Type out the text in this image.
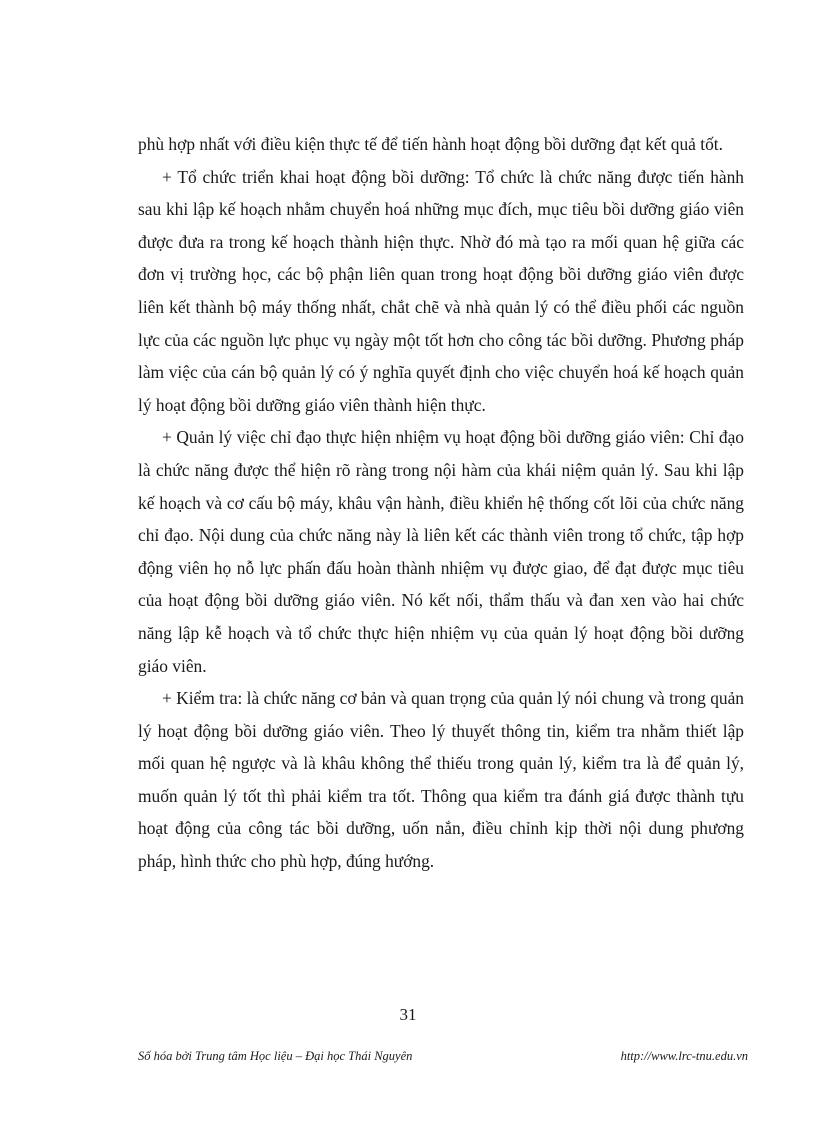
phù hợp nhất với điều kiện thực tế để tiến hành hoạt động bồi dưỡng đạt kết quả tốt.

+ Tổ chức triển khai hoạt động bồi dưỡng: Tổ chức là chức năng được tiến hành sau khi lập kế hoạch nhằm chuyển hoá những mục đích, mục tiêu bồi dưỡng giáo viên được đưa ra trong kế hoạch thành hiện thực. Nhờ đó mà tạo ra mối quan hệ giữa các đơn vị trường học, các bộ phận liên quan trong hoạt động bồi dưỡng giáo viên được liên kết thành bộ máy thống nhất, chắt chẽ và nhà quản lý có thể điều phối các nguồn lực của các nguồn lực phục vụ ngày một tốt hơn cho công tác bồi dưỡng. Phương pháp làm việc của cán bộ quản lý có ý nghĩa quyết định cho việc chuyển hoá kế hoạch quản lý hoạt động bồi dưỡng giáo viên thành hiện thực.

+ Quản lý việc chỉ đạo thực hiện nhiệm vụ hoạt động bồi dưỡng giáo viên: Chỉ đạo là chức năng được thể hiện rõ ràng trong nội hàm của khái niệm quản lý. Sau khi lập kế hoạch và cơ cấu bộ máy, khâu vận hành, điều khiển hệ thống cốt lõi của chức năng chỉ đạo. Nội dung của chức năng này là liên kết các thành viên trong tổ chức, tập hợp động viên họ nỗ lực phấn đấu hoàn thành nhiệm vụ được giao, để đạt được mục tiêu của hoạt động bồi dưỡng giáo viên. Nó kết nối, thẩm thấu và đan xen vào hai chức năng lập kễ hoạch và tổ chức thực hiện nhiệm vụ của quản lý hoạt động bồi dưỡng giáo viên.

+ Kiểm tra: là chức năng cơ bản và quan trọng của quản lý nói chung và trong quản lý hoạt động bồi dưỡng giáo viên. Theo lý thuyết thông tin, kiểm tra nhằm thiết lập mối quan hệ ngược và là khâu không thể thiếu trong quản lý, kiểm tra là để quản lý, muốn quản lý tốt thì phải kiểm tra tốt. Thông qua kiểm tra đánh giá được thành tựu hoạt động của công tác bồi dưỡng, uốn nắn, điều chỉnh kịp thời nội dung phương pháp, hình thức cho phù hợp, đúng hướng.

31
Số hóa bởi Trung tâm Học liệu – Đại học Thái Nguyên	http://www.lrc-tnu.edu.vn
